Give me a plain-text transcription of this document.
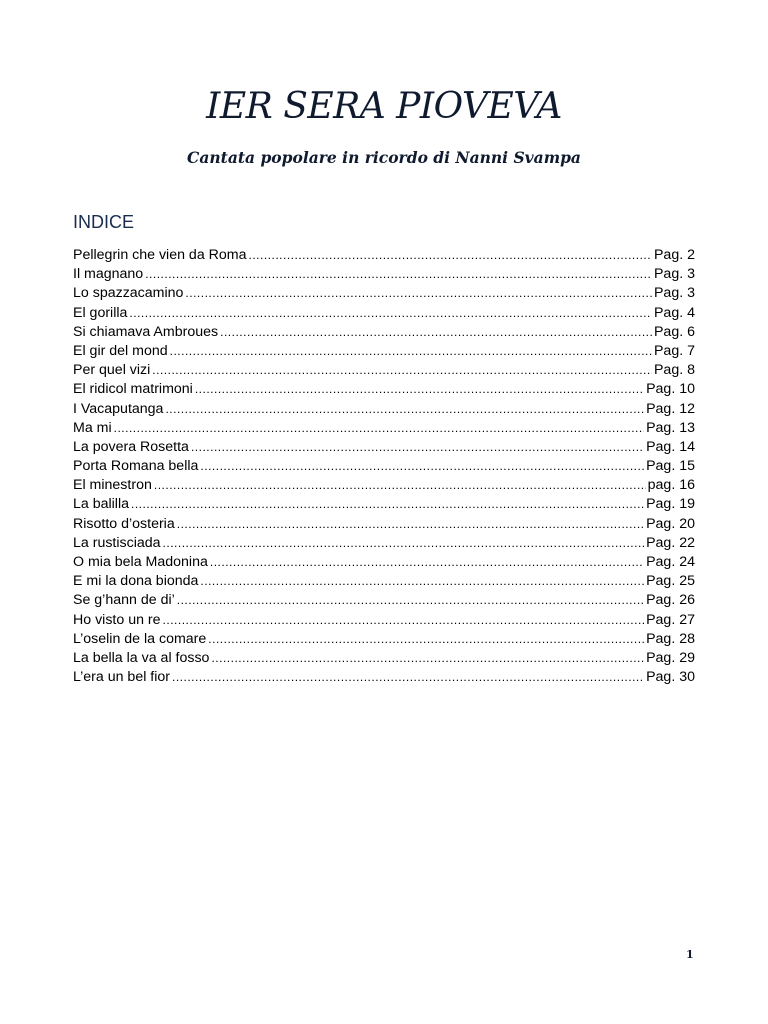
IER SERA PIOVEVA

Cantata popolare in ricordo di Nanni Svampa

INDICE
Pellegrin che vien da Roma .....	Pag. 2
Il magnano .....	Pag. 3
Lo spazzacamino .....	Pag. 3
El gorilla .....	Pag. 4
Si chiamava Ambroues .....	Pag. 6
El gir del mond .....	Pag. 7
Per quel vizi .....	Pag. 8
El ridicol matrimoni .....	Pag. 10
I Vacaputanga .....	Pag. 12
Ma mi .....	Pag. 13
La povera Rosetta .....	Pag. 14
Porta Romana bella .....	Pag. 15
El minestron .....	pag. 16
La balilla .....	Pag. 19
Risotto d’osteria .....	Pag. 20
La rustisciada .....	Pag. 22
O mia bela Madonina .....	Pag. 24
E mi la dona bionda .....	Pag. 25
Se g’hann de di’ .....	Pag. 26
Ho visto un re .....	Pag. 27
L’oselin de la comare .....	Pag. 28
La bella la va al fosso .....	Pag. 29
L’era un bel fior .....	Pag. 30

1
